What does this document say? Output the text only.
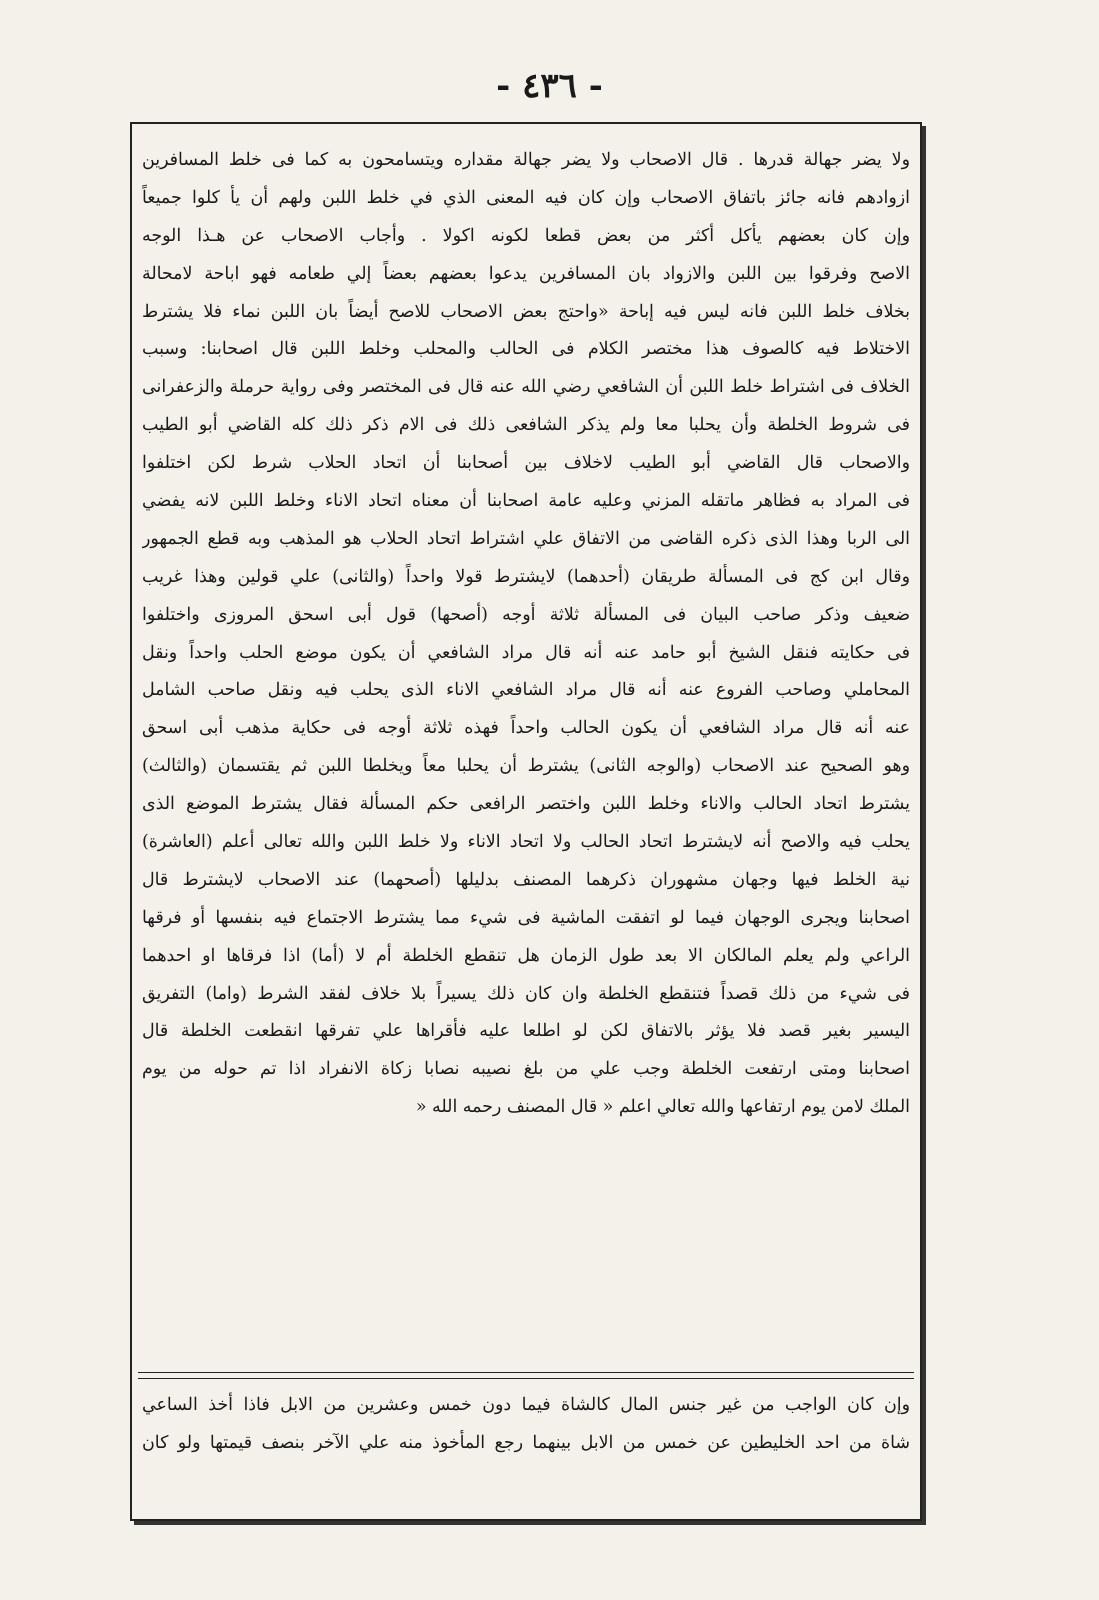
- ٤٣٦ -
ولا يضر جهالة قدرها . قال الاصحاب ولا يضر جهالة مقداره ويتسامحون به كما فى خلط المسافرين
ازوادهم فانه جائز باتفاق الاصحاب وإن كان فيه المعنى الذي في خلط اللبن ولهم أن يأ كلوا جميعاً
وإن كان بعضهم يأكل أكثر من بعض قطعا لكونه اكولا . وأجاب الاصحاب عن هـذا الوجه
الاصح وفرقوا بين اللبن والازواد بان المسافرين يدعوا بعضهم بعضاً إلي طعامه فهو اباحة لامحالة
بخلاف خلط اللبن فانه ليس فيه إباحة «واحتج بعض الاصحاب للاصح أيضاً بان اللبن نماء فلا يشترط
الاختلاط فيه كالصوف هذا مختصر الكلام فى الحالب والمحلب وخلط اللبن قال اصحابنا: وسبب
الخلاف فى اشتراط خلط اللبن أن الشافعي رضي الله عنه قال فى المختصر وفى رواية حرملة والزعفرانى
فى شروط الخلطة وأن يحلبا معا ولم يذكر الشافعى ذلك فى الام ذكر ذلك كله القاضي أبو الطيب
والاصحاب قال القاضي أبو الطيب لاخلاف بين أصحابنا أن اتحاد الحلاب شرط لكن اختلفوا
فى المراد به فظاهر ماتقله المزني وعليه عامة اصحابنا أن معناه اتحاد الاناء وخلط اللبن لانه يفضي
الى الربا وهذا الذى ذكره القاضى من الاتفاق علي اشتراط اتحاد الحلاب هو المذهب وبه قطع الجمهور
وقال ابن كج فى المسألة طريقان (أحدهما) لايشترط قولا واحداً (والثانى) علي قولين وهذا غريب
ضعيف وذكر صاحب البيان فى المسألة ثلاثة أوجه (أصحها) قول أبى اسحق المروزى واختلفوا
فى حكايته فنقل الشيخ أبو حامد عنه أنه قال مراد الشافعي أن يكون موضع الحلب واحداً ونقل
المحاملي وصاحب الفروع عنه أنه قال مراد الشافعي الاناء الذى يحلب فيه ونقل صاحب الشامل
عنه أنه قال مراد الشافعي أن يكون الحالب واحداً فهذه ثلاثة أوجه فى حكاية مذهب أبى اسحق
وهو الصحيح عند الاصحاب (والوجه الثانى) يشترط أن يحلبا معاً ويخلطا اللبن ثم يقتسمان (والثالث)
يشترط اتحاد الحالب والاناء وخلط اللبن واختصر الرافعى حكم المسألة فقال يشترط الموضع الذى
يحلب فيه والاصح أنه لايشترط اتحاد الحالب ولا اتحاد الاناء ولا خلط اللبن والله تعالى أعلم (العاشرة)
نية الخلط فيها وجهان مشهوران ذكرهما المصنف بدليلها (أصحهما) عند الاصحاب لايشترط قال
اصحابنا ويجرى الوجهان فيما لو اتفقت الماشية فى شيء مما يشترط الاجتماع فيه بنفسها أو فرقها
الراعي ولم يعلم المالكان الا بعد طول الزمان هل تنقطع الخلطة أم لا (أما) اذا فرقاها او احدهما
فى شيء من ذلك قصداً فتنقطع الخلطة وان كان ذلك يسيراً بلا خلاف لفقد الشرط (واما) التفريق
اليسير بغير قصد فلا يؤثر بالاتفاق لكن لو اطلعا عليه فأقراها علي تفرقها انقطعت الخلطة قال
اصحابنا ومتى ارتفعت الخلطة وجب علي من بلغ نصيبه نصابا زكاة الانفراد اذا تم حوله من يوم
الملك لامن يوم ارتفاعها والله تعالي اعلم « قال المصنف رحمه الله «
وإن كان الواجب من غير جنس المال كالشاة فيما دون خمس وعشرين من الابل فاذا أخذ الساعي
شاة من احد الخليطين عن خمس من الابل بينهما رجع المأخوذ منه علي الآخر بنصف قيمتها ولو كان
